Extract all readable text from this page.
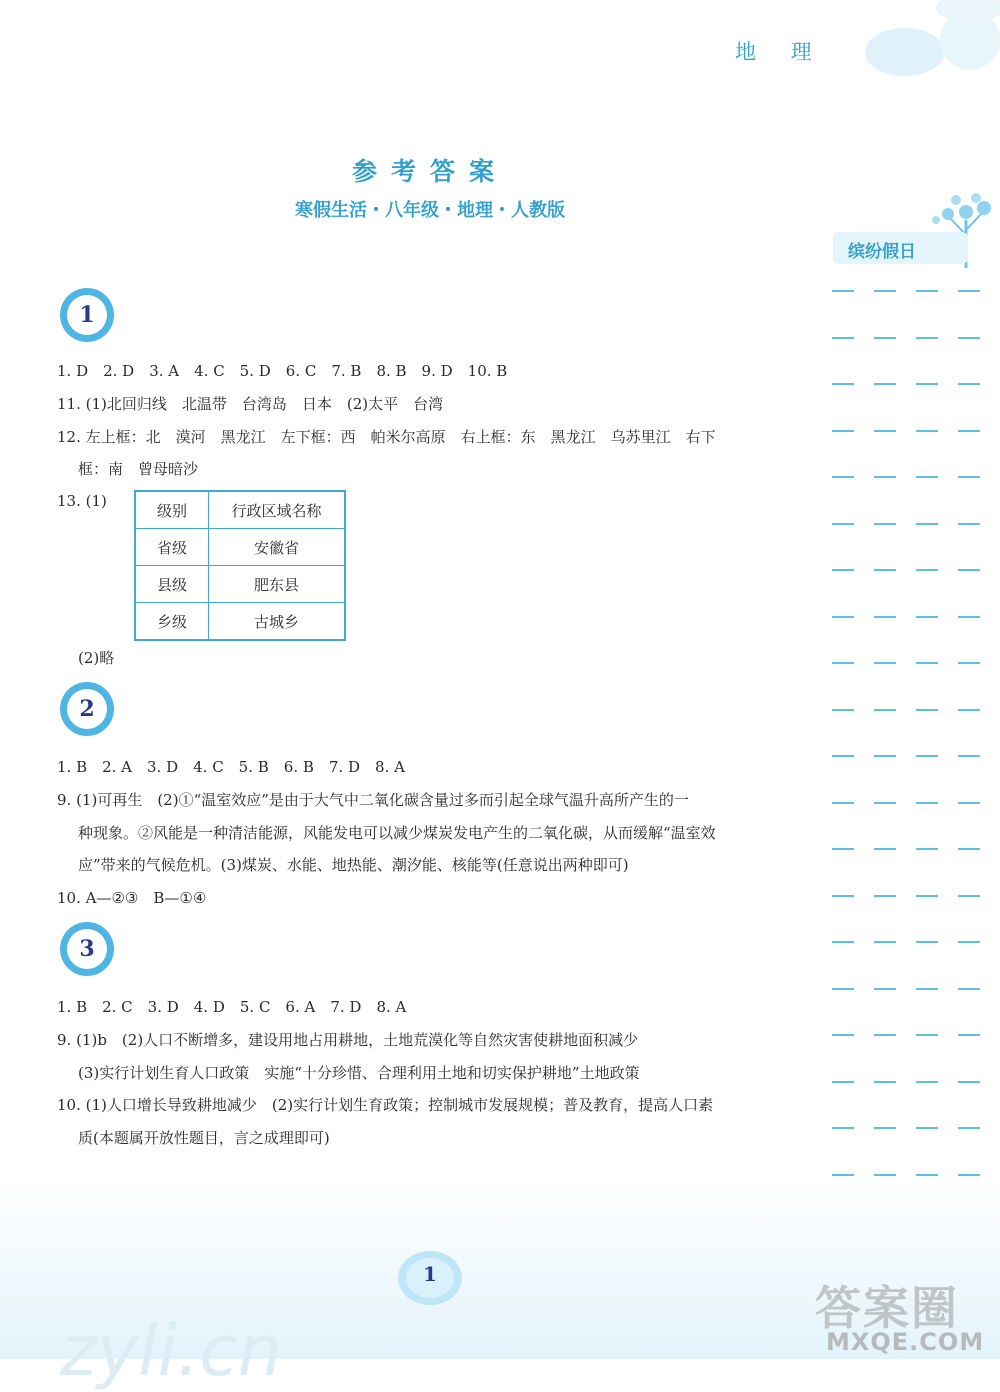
地 理
参考答案
寒假生活・八年级・地理・人教版
缤纷假日
1
1. D　2. D　3. A　4. C　5. D　6. C　7. B　8. B　9. D　10. B
11. (1)北回归线　北温带　台湾岛　日本　(2)太平　台湾
12. 左上框：北　漠河　黑龙江　左下框：西　帕米尔高原　右上框：东　黑龙江　乌苏里江　右下
框：南　曾母暗沙
13. (1)
级别	行政区域名称
省级	安徽省
县级	肥东县
乡级	古城乡
(2)略
2
1. B　2. A　3. D　4. C　5. B　6. B　7. D　8. A
9. (1)可再生　(2)①“温室效应”是由于大气中二氧化碳含量过多而引起全球气温升高所产生的一
种现象。②风能是一种清洁能源，风能发电可以减少煤炭发电产生的二氧化碳，从而缓解“温室效
应”带来的气候危机。(3)煤炭、水能、地热能、潮汐能、核能等(任意说出两种即可)
10. A—②③　B—①④
3
1. B　2. C　3. D　4. D　5. C　6. A　7. D　8. A
9. (1)b　(2)人口不断增多，建设用地占用耕地，土地荒漠化等自然灾害使耕地面积减少
(3)实行计划生育人口政策　实施“十分珍惜、合理利用土地和切实保护耕地”土地政策
10. (1)人口增长导致耕地减少　(2)实行计划生育政策；控制城市发展规模；普及教育，提高人口素
质(本题属开放性题目，言之成理即可)
zyli.cn
1
答案圈
MXQE.COM
